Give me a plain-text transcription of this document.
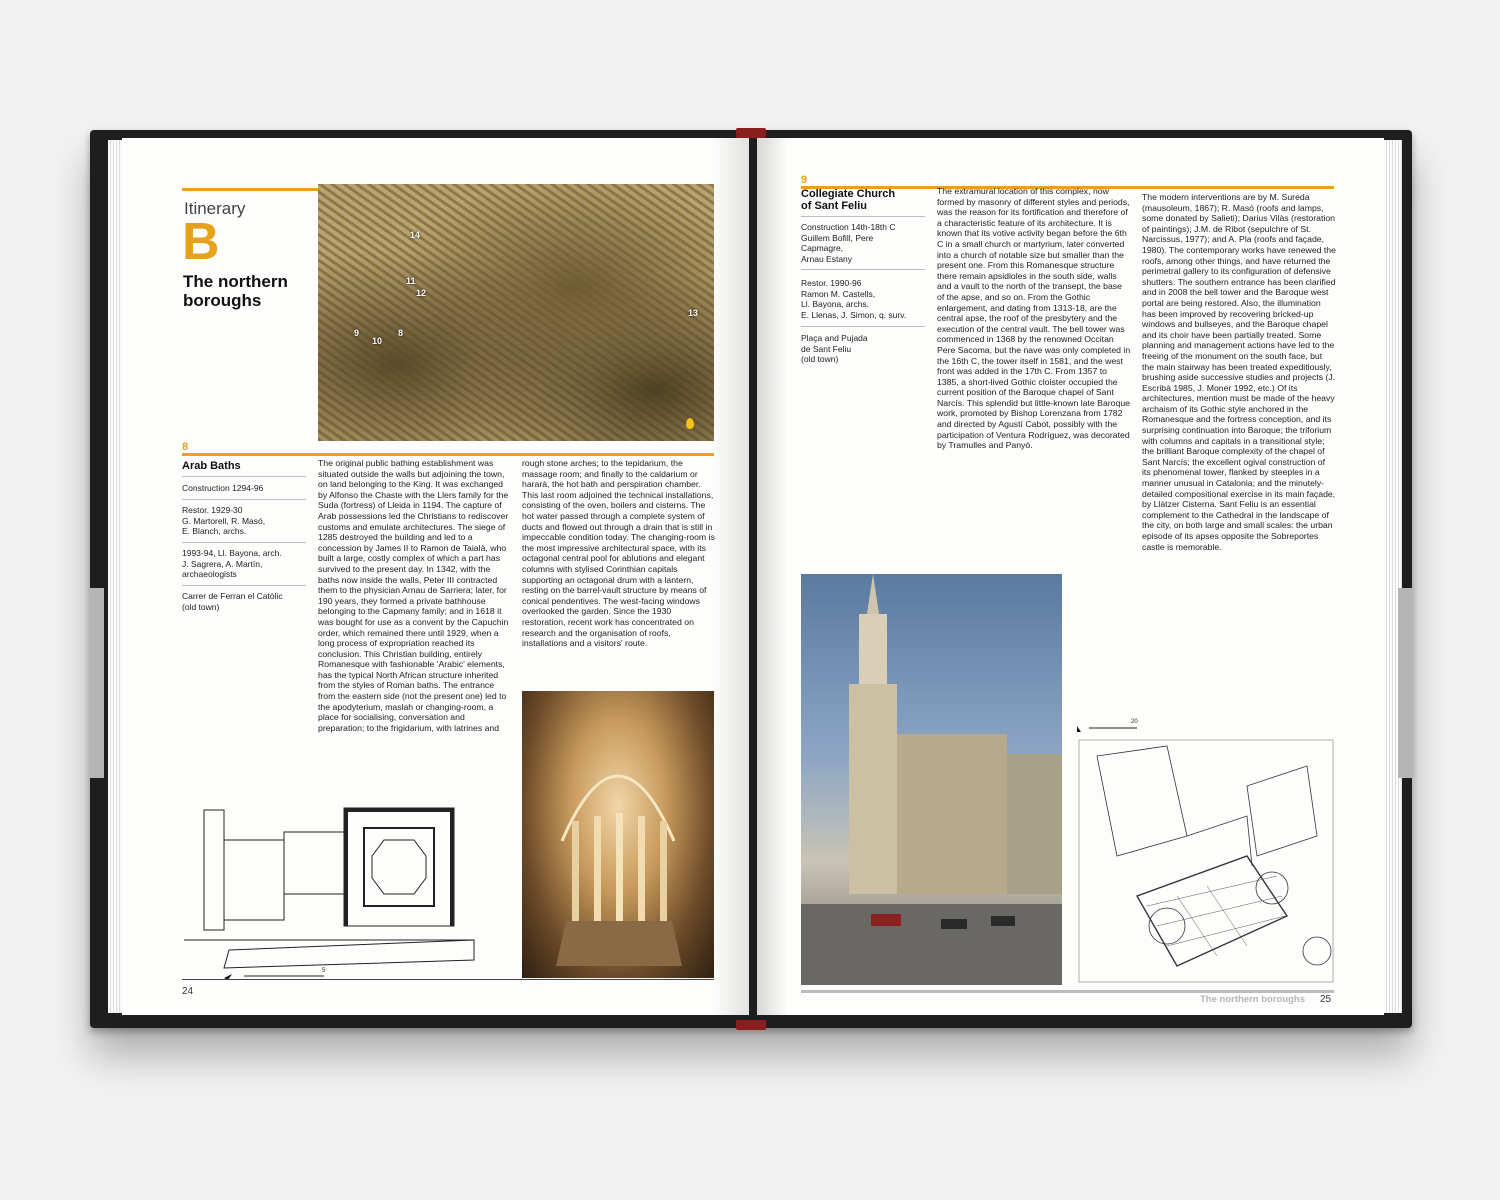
Itinerary
B
The northern
boroughs
14
11
12
9	8
10
13
8
Arab Baths
Construction 1294-96
Restor. 1929-30
G. Martorell, R. Masó,
E. Blanch, archs.
1993-94, Ll. Bayona, arch.
J. Sagrera, A. Martín,
archaeologists
Carrer de Ferran el Catòlic
(old town)
The original public bathing establishment was situated outside the walls but adjoining the town, on land belonging to the King. It was exchanged by Alfonso the Chaste with the Llers family for the Suda (fortress) of Lleida in 1194. The capture of Arab possessions led the Christians to rediscover customs and emulate architectures. The siege of 1285 destroyed the building and led to a concession by James II to Ramon de Taialà, who built a large, costly complex of which a part has survived to the present day. In 1342, with the baths now inside the walls, Peter III contracted them to the physician Arnau de Sarriera; later, for 190 years, they formed a private bathhouse belonging to the Capmany family; and in 1618 it was bought for use as a convent by the Capuchin order, which remained there until 1929, when a long process of expropriation reached its conclusion. This Christian building, entirely Romanesque with fashionable 'Arabic' elements, has the typical North African structure inherited from the styles of Roman baths. The entrance from the eastern side (not the present one) led to the apodyterium, maslah or changing-room, a place for socialising, conversation and preparation; to the frigidarium, with latrines and
rough stone arches; to the tepidarium, the massage room; and finally to the caldarium or hararà, the hot bath and perspiration chamber. This last room adjoined the technical installations, consisting of the oven, boilers and cisterns. The hot water passed through a complete system of ducts and flowed out through a drain that is still in impeccable condition today. The changing-room is the most impressive architectural space, with its octagonal central pool for ablutions and elegant columns with stylised Corinthian capitals supporting an octagonal drum with a lantern, resting on the barrel-vault structure by means of conical pendentives. The west-facing windows overlooked the garden. Since the 1930 restoration, recent work has concentrated on research and the organisation of roofs, installations and a visitors' route.
5
24
9
Collegiate Church
of Sant Feliu
Construction 14th-18th C
Guillem Bofill, Pere
Capmagre,
Arnau Estany
Restor. 1990-96
Ramon M. Castells,
Ll. Bayona, archs.
E. Llenas, J. Simon, q. surv.
Plaça and Pujada
de Sant Feliu
(old town)
The extramural location of this complex, now formed by masonry of different styles and periods, was the reason for its fortification and therefore of a characteristic feature of its architecture. It is known that its votive activity began before the 6th C in a small church or martyrium, later converted into a church of notable size but smaller than the present one. From this Romanesque structure there remain apsidioles in the south side, walls and a vault to the north of the transept, the base of the apse, and so on. From the Gothic enlargement, and dating from 1313-18, are the central apse, the roof of the presbytery and the execution of the central vault. The bell tower was commenced in 1368 by the renowned Occitan Pere Sacoma, but the nave was only completed in the 16th C, the tower itself in 1581, and the west front was added in the 17th C. From 1357 to 1385, a short-lived Gothic cloister occupied the current position of the Baroque chapel of Sant Narcís. This splendid but little-known late Baroque work, promoted by Bishop Lorenzana from 1782 and directed by Agustí Cabot, possibly with the participation of Ventura Rodríguez, was decorated by Tramulles and Panyó.
The modern interventions are by M. Sureda (mausoleum, 1867); R. Masó (roofs and lamps, some donated by Salieti); Darius Vilàs (restoration of paintings); J.M. de Ribot (sepulchre of St. Narcissus, 1977); and A. Pla (roofs and façade, 1980). The contemporary works have renewed the roofs, among other things, and have returned the perimetral gallery to its configuration of defensive shutters. The southern entrance has been clarified and in 2008 the bell tower and the Baroque west portal are being restored. Also, the illumination has been improved by recovering bricked-up windows and bullseyes, and the Baroque chapel and its choir have been partially treated. Some planning and management actions have led to the freeing of the monument on the south face, but the main stairway has been treated expeditiously, brushing aside successive studies and projects (J. Escribà 1985, J. Moner 1992, etc.) Of its architectures, mention must be made of the heavy archaism of its Gothic style anchored in the Romanesque and the fortress conception, and its surprising continuation into Baroque; the triforium with columns and capitals in a transitional style; the brilliant Baroque complexity of the chapel of Sant Narcís; the excellent ogival construction of its phenomenal tower, flanked by steeples in a manner unusual in Catalonia; and the minutely-detailed compositional exercise in its main façade, by Llàtzer Cisterna. Sant Feliu is an essential complement to the Cathedral in the landscape of the city, on both large and small scales: the urban episode of its apses opposite the Sobreportes castle is memorable.
20
The northern boroughs 25
